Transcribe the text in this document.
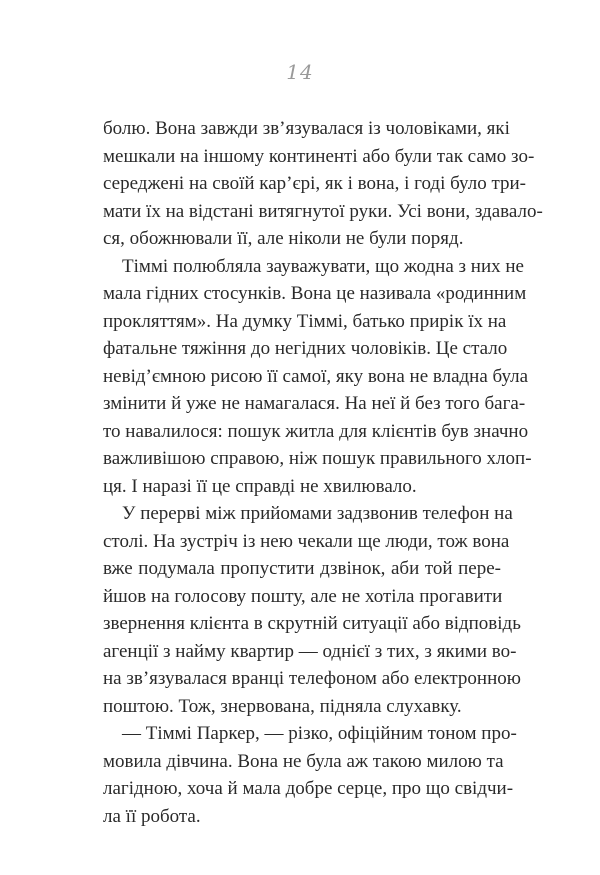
14
болю. Вона завжди зв’язувалася із чоловіками, які
мешкали на іншому континенті або були так само зо-
середжені на своїй кар’єрі, як і вона, і годі було три-
мати їх на відстані витягнутої руки. Усі вони, здавало-
ся, обожнювали її, але ніколи не були поряд.
Тіммі полюбляла зауважувати, що жодна з них не
мала гідних стосунків. Вона це називала «родинним
прокляттям». На думку Тіммі, батько прирік їх на
фатальне тяжіння до негідних чоловіків. Це стало
невід’ємною рисою її самої, яку вона не владна була
змінити й уже не намагалася. На неї й без того бага-
то навалилося: пошук житла для клієнтів був значно
важливішою справою, ніж пошук правильного хлоп-
ця. І наразі її це справді не хвилювало.
У перерві між прийомами задзвонив телефон на
столі. На зустріч із нею чекали ще люди, тож вона
вже подумала пропустити дзвінок, аби той пере-
йшов на голосову пошту, але не хотіла прогавити
звернення клієнта в скрутній ситуації або відповідь
агенції з найму квартир — однієї з тих, з якими во-
на зв’язувалася вранці телефоном або електронною
поштою. Тож, знервована, підняла слухавку.
— Тіммі Паркер, — різко, офіційним тоном про-
мовила дівчина. Вона не була аж такою милою та
лагідною, хоча й мала добре серце, про що свідчи-
ла її робота.
